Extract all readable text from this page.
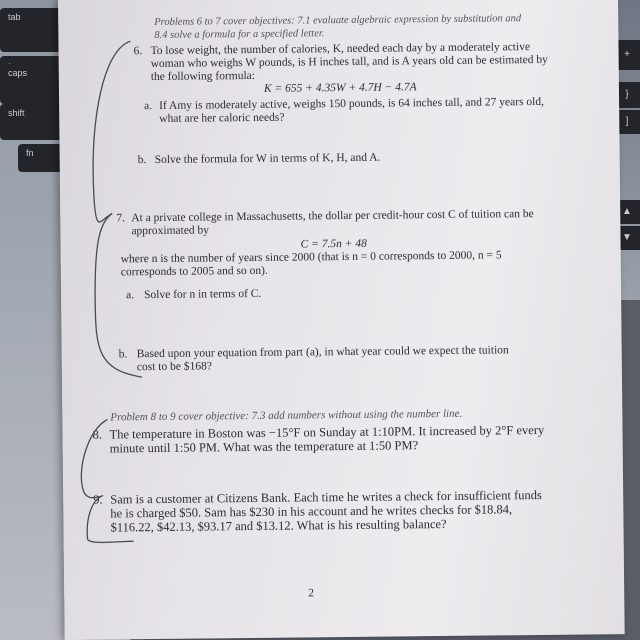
tab
caps
shift
fn
+
}
]
▲
▼
Problems 6 to 7 cover objectives: 7.1 evaluate algebraic expression by substitution and
8.4 solve a formula for a specified letter.
6. To lose weight, the number of calories, K, needed each day by a moderately active
woman who weighs W pounds, is H inches tall, and is A years old can be estimated by
the following formula:
K = 655 + 4.35W + 4.7H − 4.7A
a. If Amy is moderately active, weighs 150 pounds, is 64 inches tall, and 27 years old,
what are her caloric needs?
b. Solve the formula for W in terms of K, H, and A.
7. At a private college in Massachusetts, the dollar per credit-hour cost C of tuition can be
approximated by
C = 7.5n + 48
where n is the number of years since 2000 (that is n = 0 corresponds to 2000, n = 5
corresponds to 2005 and so on).
a. Solve for n in terms of C.
b. Based upon your equation from part (a), in what year could we expect the tuition
cost to be $168?
Problem 8 to 9 cover objective: 7.3 add numbers without using the number line.
8. The temperature in Boston was −15°F on Sunday at 1:10PM. It increased by 2°F every
minute until 1:50 PM. What was the temperature at 1:50 PM?
9. Sam is a customer at Citizens Bank. Each time he writes a check for insufficient funds
he is charged $50. Sam has $230 in his account and he writes checks for $18.84,
$116.22, $42.13, $93.17 and $13.12. What is his resulting balance?
2
